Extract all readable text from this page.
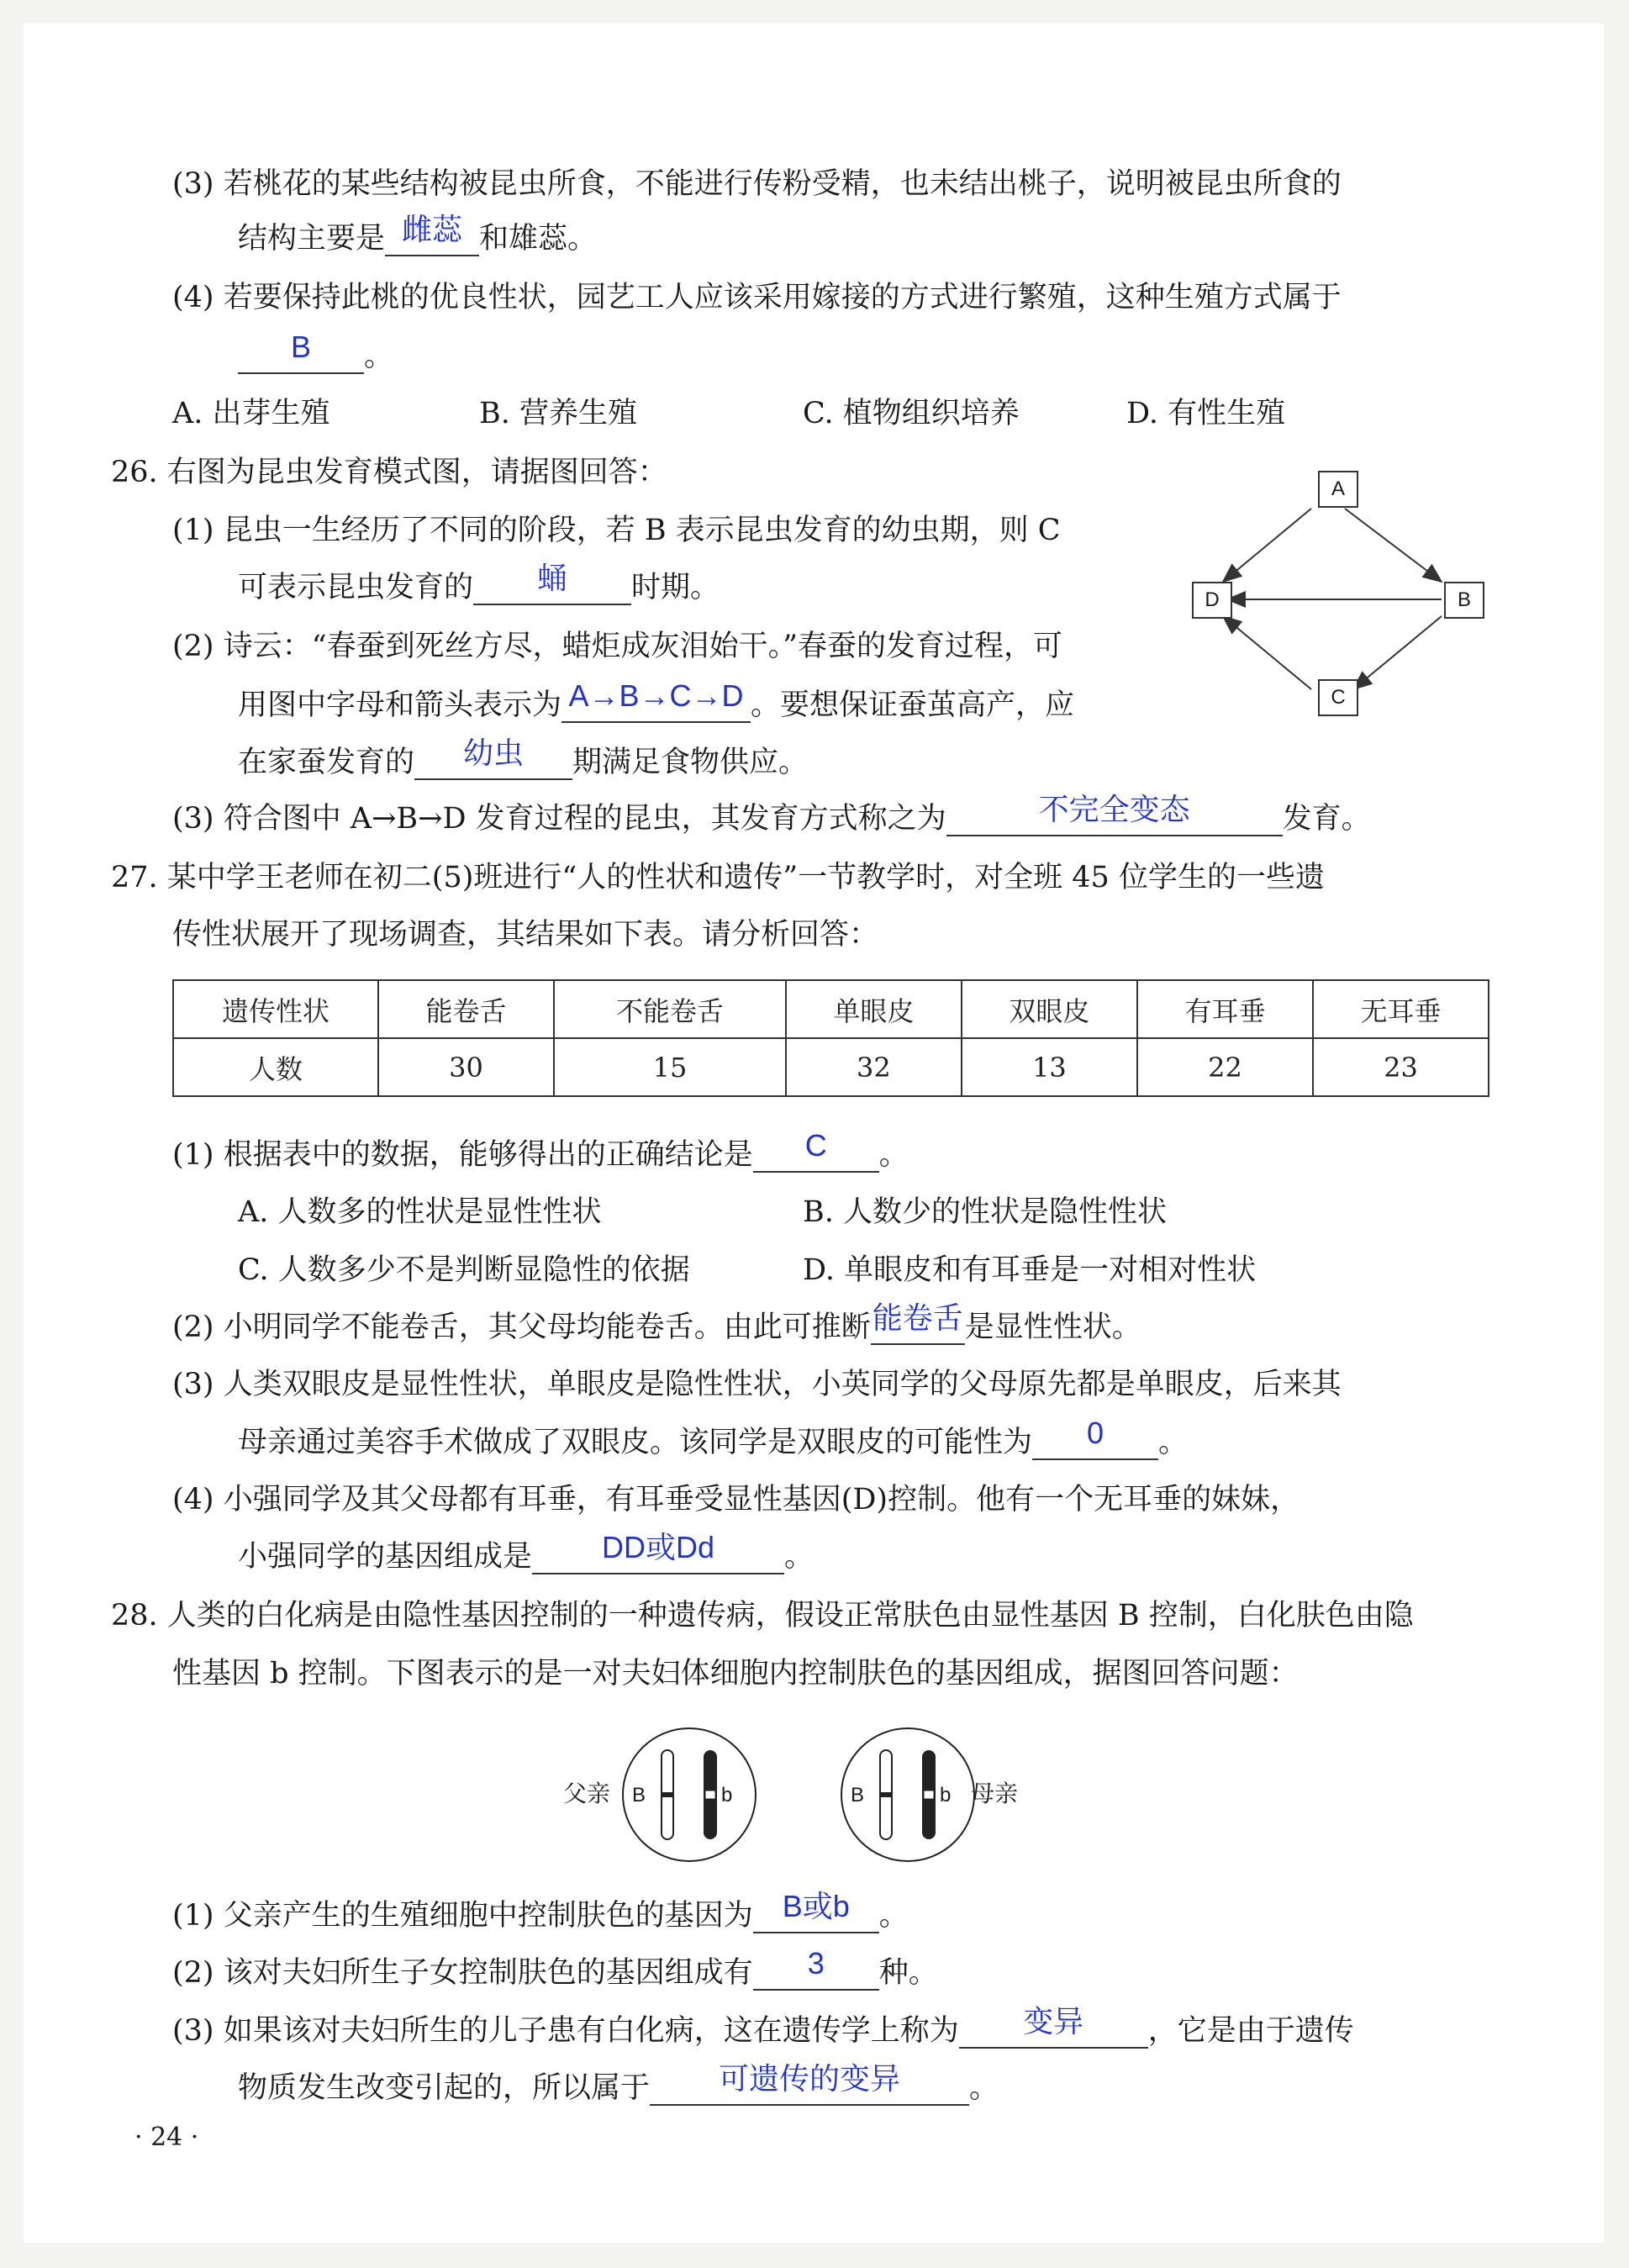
(3) 若桃花的某些结构被昆虫所食，不能进行传粉受精，也未结出桃子，说明被昆虫所食的
结构主要是 雌蕊 和雄蕊。
(4) 若要保持此桃的优良性状，园艺工人应该采用嫁接的方式进行繁殖，这种生殖方式属于
B 。
A. 出芽生殖	B. 营养生殖	C. 植物组织培养	D. 有性生殖
26. 右图为昆虫发育模式图，请据图回答：
(1) 昆虫一生经历了不同的阶段，若 B 表示昆虫发育的幼虫期，则 C
可表示昆虫发育的 蛹 时期。
(2) 诗云：“春蚕到死丝方尽，蜡炬成灰泪始干。”春蚕的发育过程，可
用图中字母和箭头表示为 A→B→C→D 。要想保证蚕茧高产，应
在家蚕发育的 幼虫 期满足食物供应。
(3) 符合图中 A→B→D 发育过程的昆虫，其发育方式称之为	不完全变态	发育。
A
D	B
C
27. 某中学王老师在初二(5)班进行“人的性状和遗传”一节教学时，对全班 45 位学生的一些遗
传性状展开了现场调查，其结果如下表。请分析回答：
遗传性状	能卷舌	不能卷舌	单眼皮	双眼皮	有耳垂	无耳垂
人数	30	15	32	13	22	23
(1) 根据表中的数据，能够得出的正确结论是 C 。
A. 人数多的性状是显性性状	B. 人数少的性状是隐性性状
C. 人数多少不是判断显隐性的依据	D. 单眼皮和有耳垂是一对相对性状
(2) 小明同学不能卷舌，其父母均能卷舌。由此可推断能卷舌是显性性状。
(3) 人类双眼皮是显性性状，单眼皮是隐性性状，小英同学的父母原先都是单眼皮，后来其
母亲通过美容手术做成了双眼皮。该同学是双眼皮的可能性为 0 。
(4) 小强同学及其父母都有耳垂，有耳垂受显性基因(D)控制。他有一个无耳垂的妹妹，
小强同学的基因组成是 DD或Dd 。
28. 人类的白化病是由隐性基因控制的一种遗传病，假设正常肤色由显性基因 B 控制，白化肤色由隐
性基因 b 控制。下图表示的是一对夫妇体细胞内控制肤色的基因组成，据图回答问题：
父亲	母亲
B	b	B	b
(1) 父亲产生的生殖细胞中控制肤色的基因为 B或b 。
(2) 该对夫妇所生子女控制肤色的基因组成有 3 种。
(3) 如果该对夫妇所生的儿子患有白化病，这在遗传学上称为 变异 ，它是由于遗传
物质发生改变引起的，所以属于 可遗传的变异 。
· 24 ·
